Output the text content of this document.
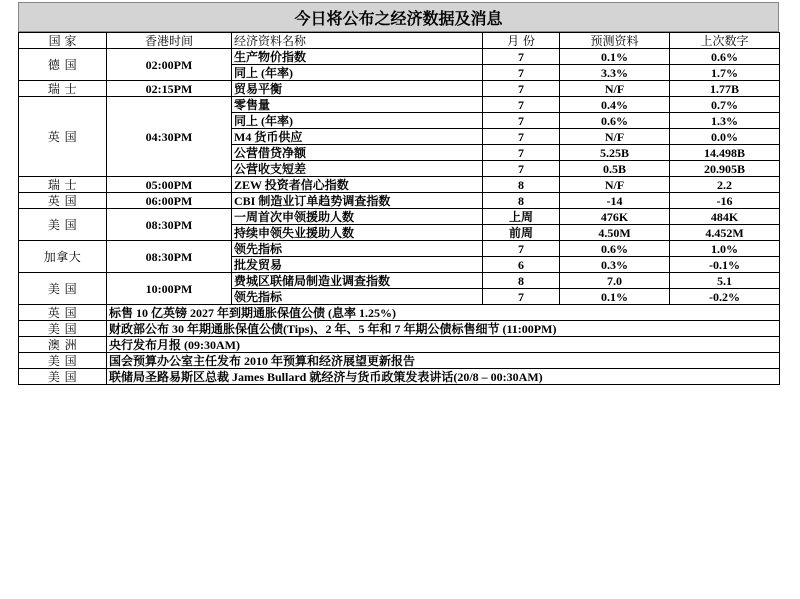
今日将公布之经济数据及消息
国 家	香港时间	经济资料名称	月 份	预测资料	上次数字
德 国	02:00PM	生产物价指数	7	0.1%	0.6%
		同上 (年率)	7	3.3%	1.7%
瑞 士	02:15PM	贸易平衡	7	N/F	1.77B
英 国	04:30PM	零售量	7	0.4%	0.7%
		同上 (年率)	7	0.6%	1.3%
		M4 货币供应	7	N/F	0.0%
		公营借贷净额	7	5.25B	14.498B
		公营收支短差	7	0.5B	20.905B
瑞 士	05:00PM	ZEW 投资者信心指数	8	N/F	2.2
英 国	06:00PM	CBI 制造业订单趋势调查指数	8	-14	-16
美 国	08:30PM	一周首次申领援助人数	上周	476K	484K
		持续申领失业援助人数	前周	4.50M	4.452M
加拿大	08:30PM	领先指标	7	0.6%	1.0%
		批发贸易	6	0.3%	-0.1%
美 国	10:00PM	费城区联储局制造业调查指数	8	7.0	5.1
		领先指标	7	0.1%	-0.2%
英 国	标售 10 亿英镑 2027 年到期通胀保值公债 (息率 1.25%)				
美 国	财政部公布 30 年期通胀保值公债(Tips)、2 年、5 年和 7 年期公债标售细节 (11:00PM)				
澳 洲	央行发布月报 (09:30AM)				
美 国	国会预算办公室主任发布 2010 年预算和经济展望更新报告				
美 国	联储局圣路易斯区总裁 James Bullard 就经济与货币政策发表讲话(20/8 – 00:30AM)				
